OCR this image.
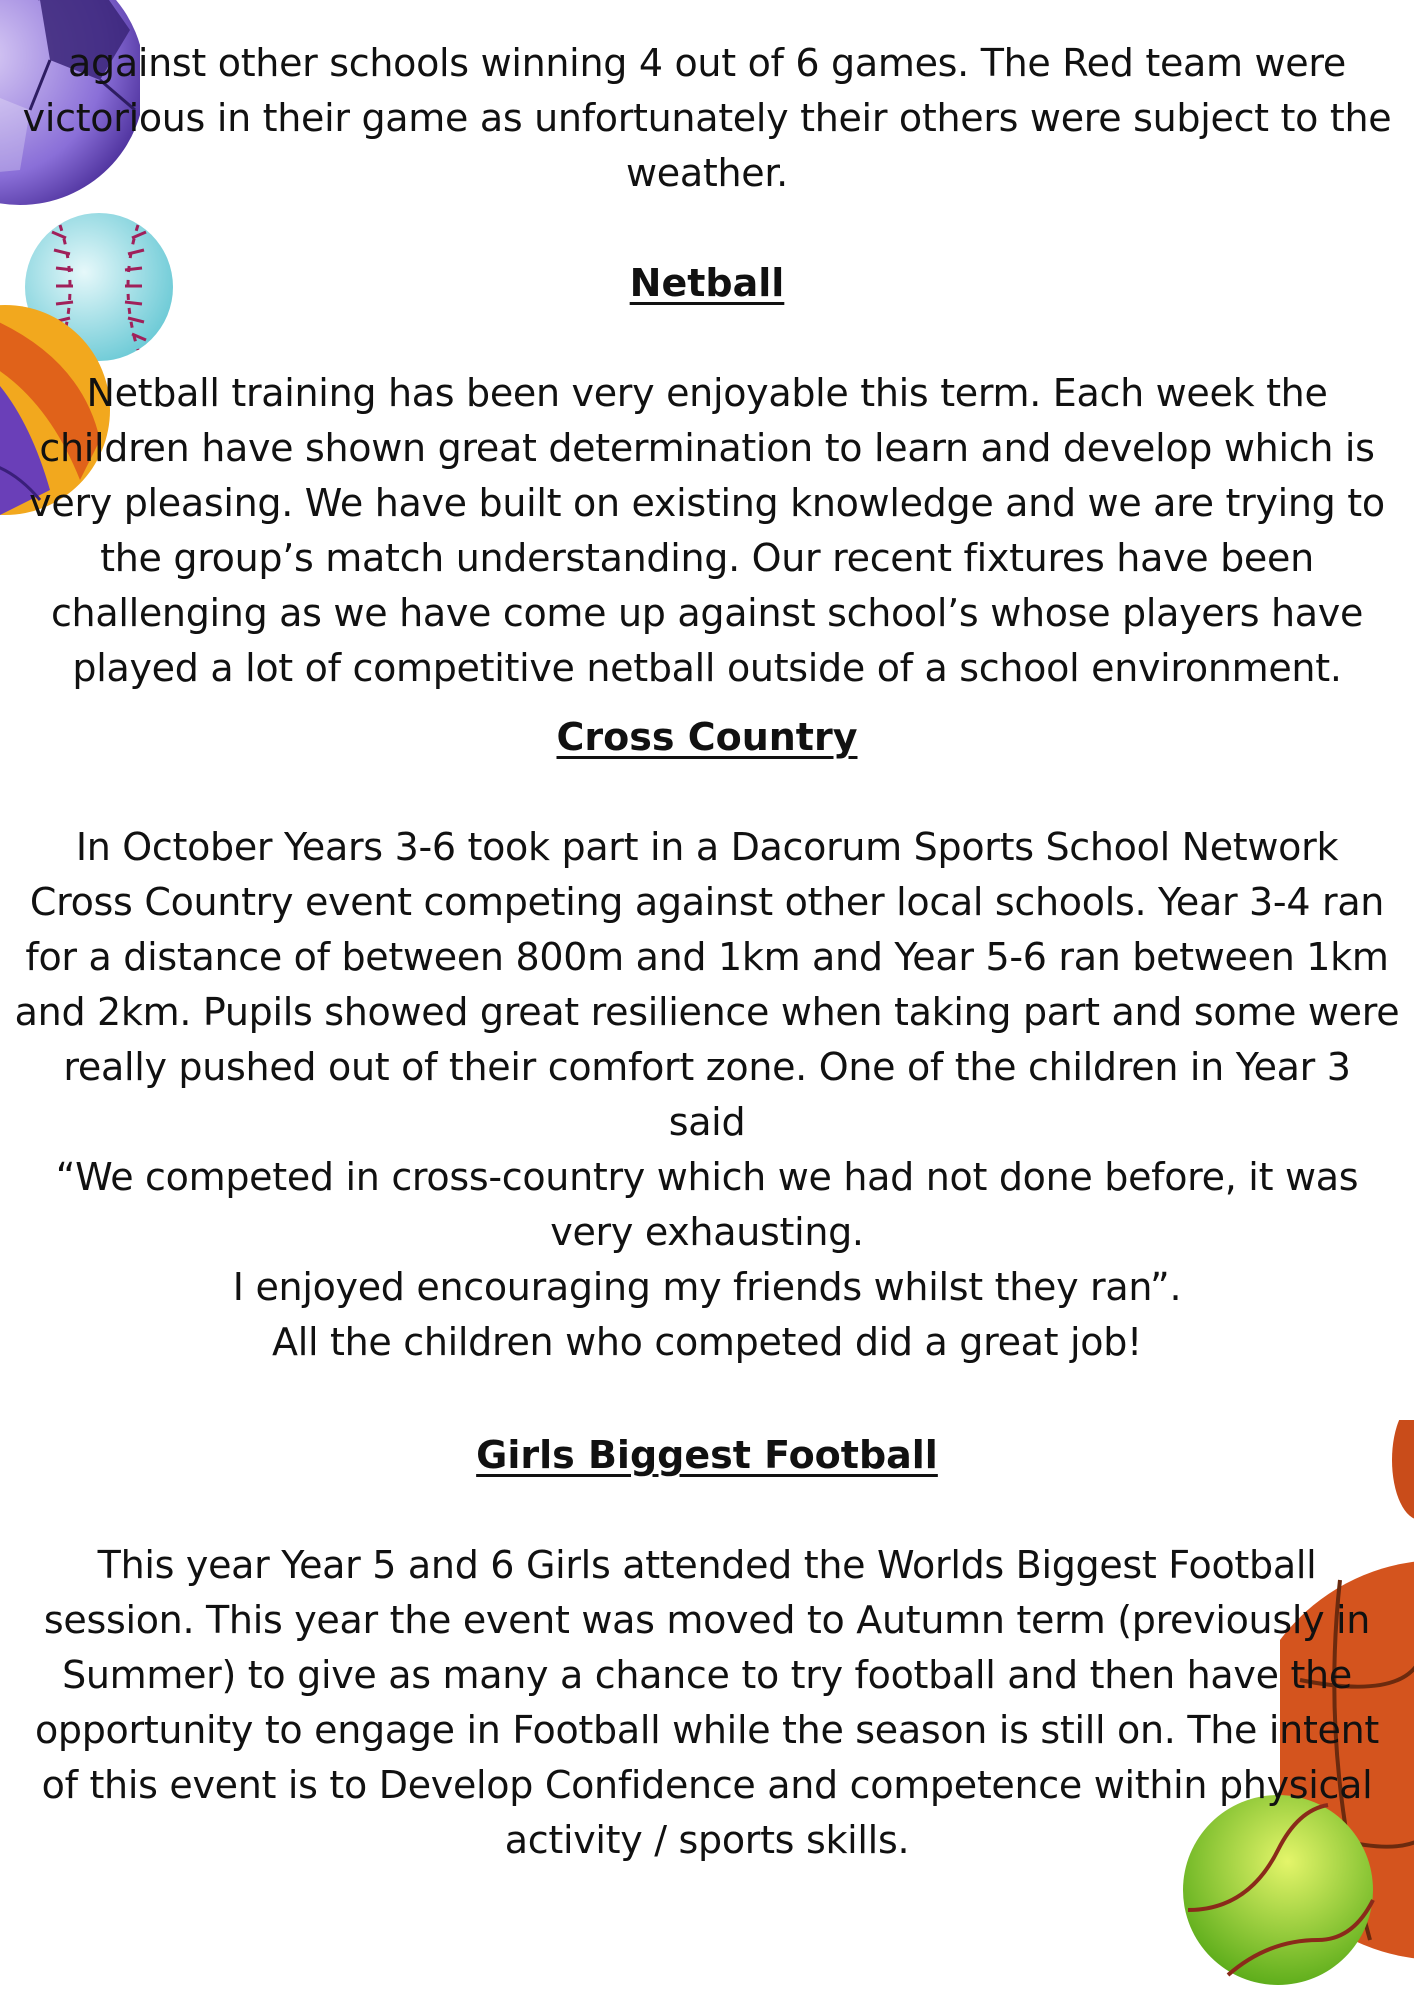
against other schools winning 4 out of 6 games. The Red team were
victorious in their game as unfortunately their others were subject to the
weather.

Netball

Netball training has been very enjoyable this term. Each week the
children have shown great determination to learn and develop which is
very pleasing. We have built on existing knowledge and we are trying to
the group’s match understanding. Our recent fixtures have been
challenging as we have come up against school’s whose players have
played a lot of competitive netball outside of a school environment.

Cross Country

In October Years 3-6 took part in a Dacorum Sports School Network
Cross Country event competing against other local schools. Year 3-4 ran
for a distance of between 800m and 1km and Year 5-6 ran between 1km
and 2km. Pupils showed great resilience when taking part and some were
really pushed out of their comfort zone. One of the children in Year 3
said
“We competed in cross-country which we had not done before, it was
very exhausting.
I enjoyed encouraging my friends whilst they ran”.
All the children who competed did a great job!

Girls Biggest Football

This year Year 5 and 6 Girls attended the Worlds Biggest Football
session. This year the event was moved to Autumn term (previously in
Summer) to give as many a chance to try football and then have the
opportunity to engage in Football while the season is still on. The intent
of this event is to Develop Confidence and competence within physical
activity / sports skills.
